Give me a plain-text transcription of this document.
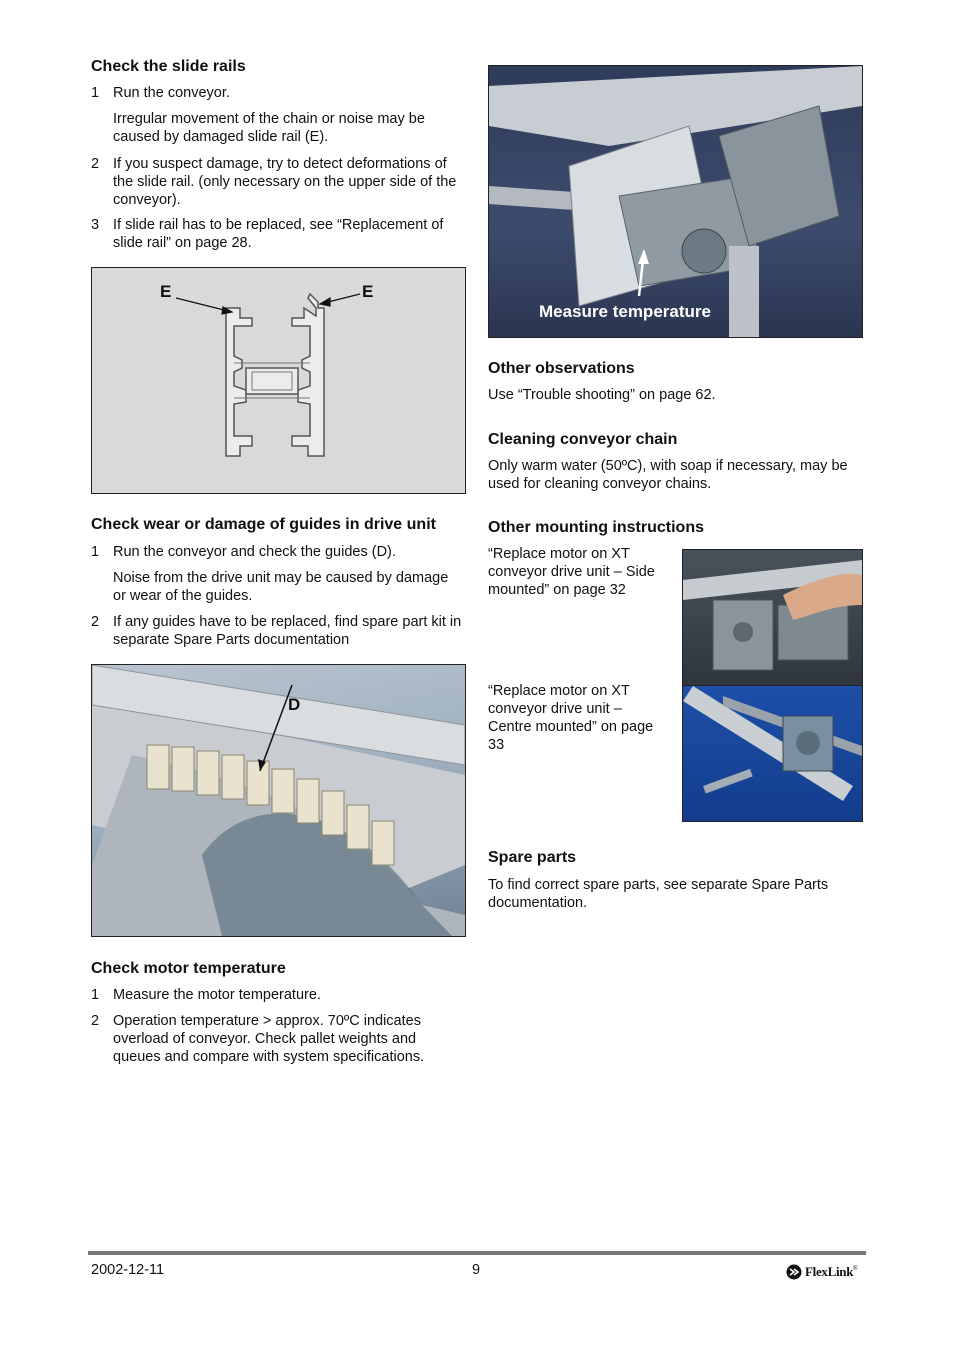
Check the slide rails
1 Run the conveyor.
Irregular movement of the chain or noise may be caused by damaged slide rail (E).
2 If you suspect damage, try to detect deformations of the slide rail. (only necessary on the upper side of the conveyor).
3 If slide rail has to be replaced, see “Replacement of slide rail” on page 28.
E	E
Check wear or damage of guides in drive unit
1 Run the conveyor and check the guides (D).
Noise from the drive unit may be caused by damage or wear of the guides.
2 If any guides have to be replaced, find spare part kit in separate Spare Parts documentation
D
Check motor temperature
1 Measure the motor temperature.
2 Operation temperature > approx. 70ºC indicates overload of conveyor. Check pallet weights and queues and compare with system specifications.
Measure temperature
Other observations

Use “Trouble shooting” on page 62.

Cleaning conveyor chain

Only warm water (50ºC), with soap if necessary, may be used for cleaning conveyor chains.

Other mounting instructions

“Replace motor on XT conveyor drive unit – Side mounted” on page 32

“Replace motor on XT conveyor drive unit – Centre mounted” on page 33

Spare parts

To find correct spare parts, see separate Spare Parts documentation.

2002-12-11	9	FlexLink ®
